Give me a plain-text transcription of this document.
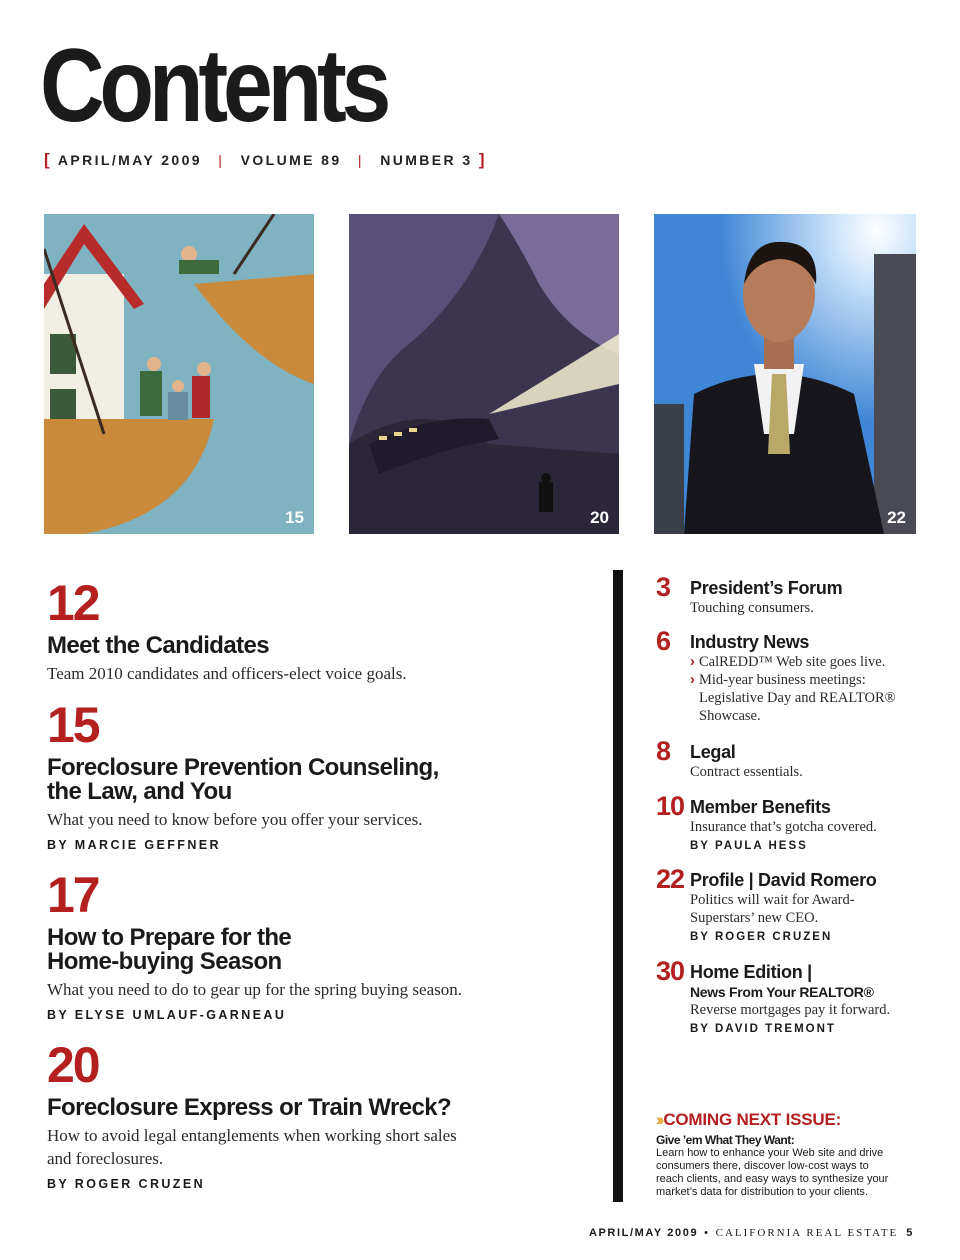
Contents
[ APRIL/MAY 2009 | VOLUME 89 | NUMBER 3 ]
15	20	22
12
Meet the Candidates
Team 2010 candidates and officers-elect voice goals.
15
Foreclosure Prevention Counseling,
the Law, and You
What you need to know before you offer your services.
BY MARCIE GEFFNER
17
How to Prepare for the
Home-buying Season
What you need to do to gear up for the spring buying season.
BY ELYSE UMLAUF-GARNEAU
20
Foreclosure Express or Train Wreck?
How to avoid legal entanglements when working short sales
and foreclosures.
BY ROGER CRUZEN
3 President’s Forum
Touching consumers.
6 Industry News
› CalREDD™ Web site goes live.
› Mid-year business meetings:
Legislative Day and REALTOR®
Showcase.
8 Legal
Contract essentials.
10 Member Benefits
Insurance that’s gotcha covered.
BY PAULA HESS
22 Profile | David Romero
Politics will wait for Award-
Superstars’ new CEO.
BY ROGER CRUZEN
30 Home Edition |
News From Your REALTOR®
Reverse mortgages pay it forward.
BY DAVID TREMONT
›› COMING NEXT ISSUE:
Give ’em What They Want:
Learn how to enhance your Web site and drive
consumers there, discover low-cost ways to
reach clients, and easy ways to synthesize your
market’s data for distribution to your clients.
APRIL/MAY 2009 • CALIFORNIA REAL ESTATE 5
